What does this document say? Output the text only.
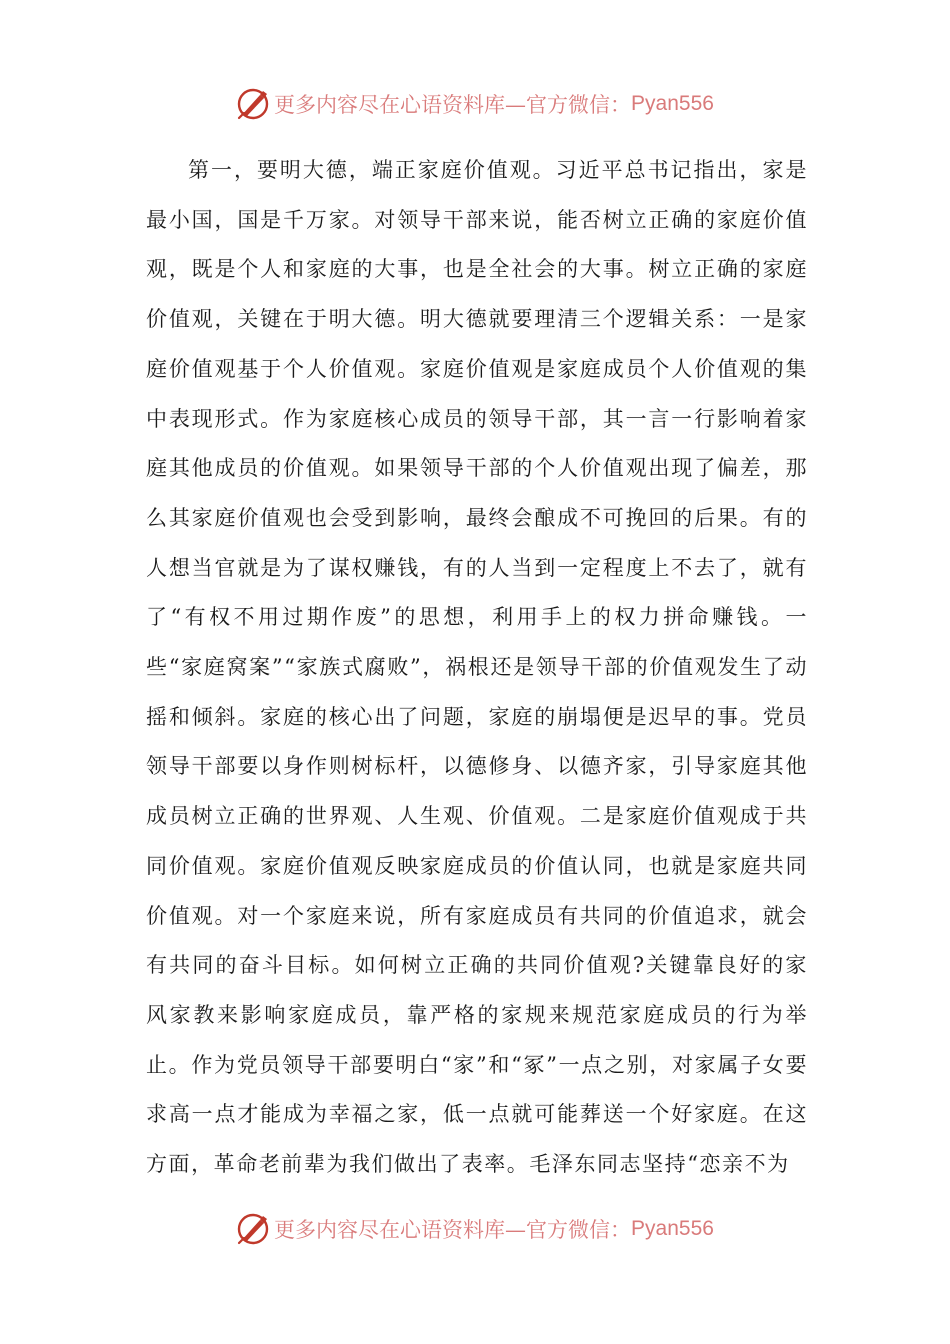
更多内容尽在心语资料库—官方微信： Pyan556

第一，要明大德，端正家庭价值观。习近平总书记指出，家是最小国，国是千万家。对领导干部来说，能否树立正确的家庭价值观，既是个人和家庭的大事，也是全社会的大事。树立正确的家庭价值观，关键在于明大德。明大德就要理清三个逻辑关系：一是家庭价值观基于个人价值观。家庭价值观是家庭成员个人价值观的集中表现形式。作为家庭核心成员的领导干部，其一言一行影响着家庭其他成员的价值观。如果领导干部的个人价值观出现了偏差，那么其家庭价值观也会受到影响，最终会酿成不可挽回的后果。有的人想当官就是为了谋权赚钱，有的人当到一定程度上不去了，就有了“有权不用过期作废”的思想，利用手上的权力拼命赚钱。一些“家庭窝案”“家族式腐败”，祸根还是领导干部的价值观发生了动摇和倾斜。家庭的核心出了问题，家庭的崩塌便是迟早的事。党员领导干部要以身作则树标杆，以德修身、以德齐家，引导家庭其他成员树立正确的世界观、人生观、价值观。二是家庭价值观成于共同价值观。家庭价值观反映家庭成员的价值认同，也就是家庭共同价值观。对一个家庭来说，所有家庭成员有共同的价值追求，就会有共同的奋斗目标。如何树立正确的共同价值观?关键靠良好的家风家教来影响家庭成员，靠严格的家规来规范家庭成员的行为举止。作为党员领导干部要明白“家”和“冢”一点之别，对家属子女要求高一点才能成为幸福之家，低一点就可能葬送一个好家庭。在这方面，革命老前辈为我们做出了表率。毛泽东同志坚持“恋亲不为

更多内容尽在心语资料库—官方微信： Pyan556
